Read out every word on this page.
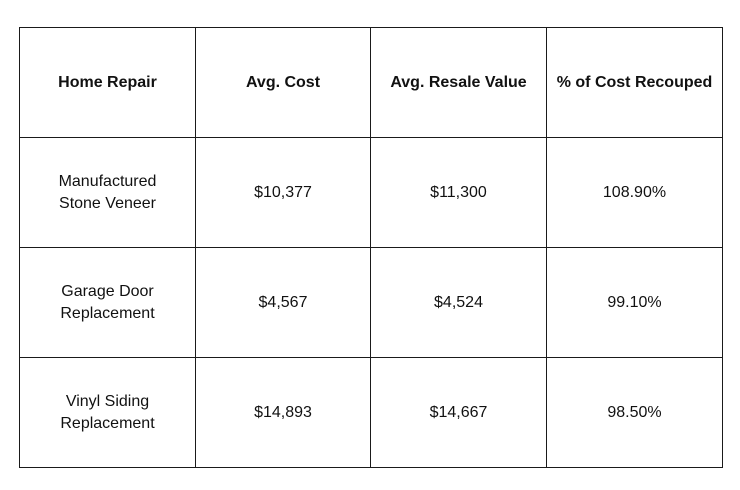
Home Repair	Avg. Cost	Avg. Resale Value	% of Cost Recouped

Manufactured
Stone Veneer	$10,377	$11,300	108.90%

Garage Door
Replacement	$4,567	$4,524	99.10%

Vinyl Siding
Replacement	$14,893	$14,667	98.50%
